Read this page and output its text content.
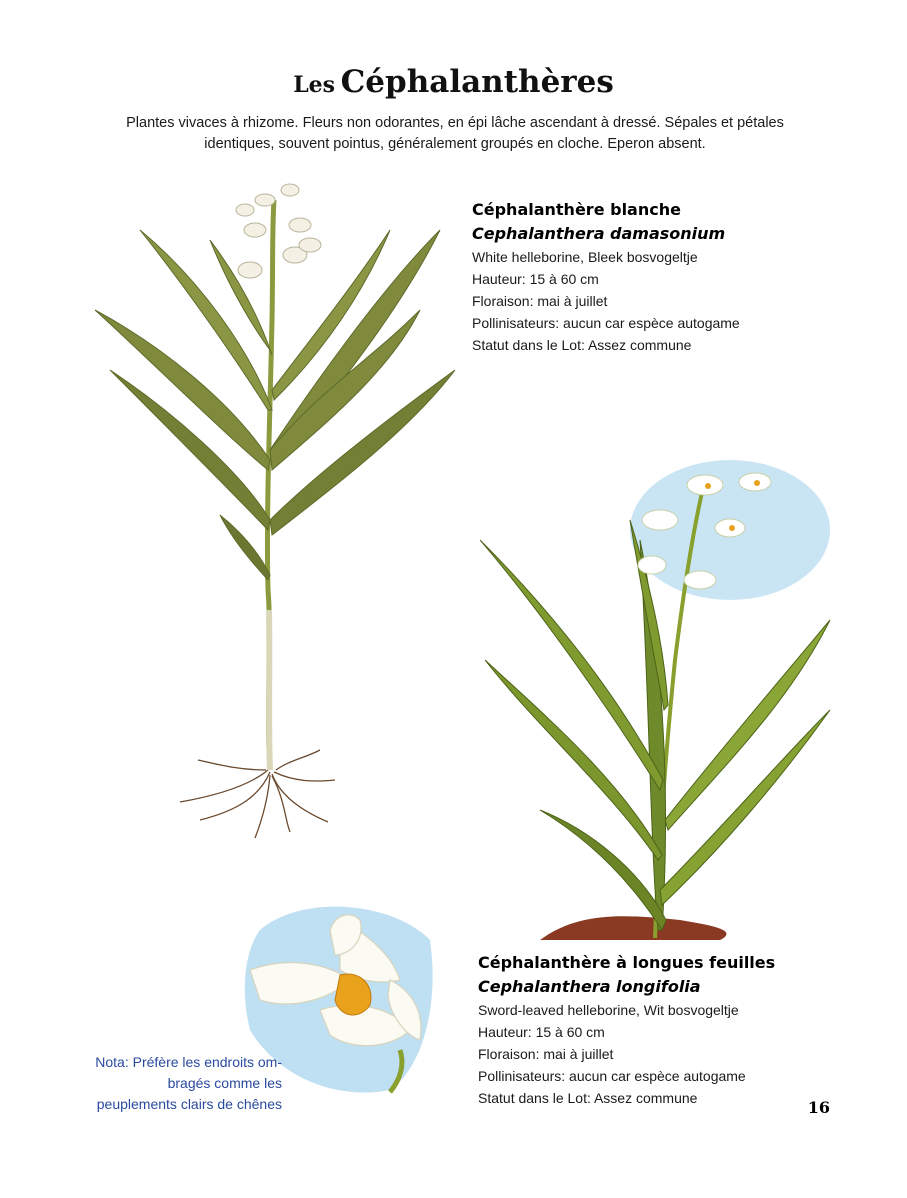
Les Céphalanthères
Plantes vivaces à rhizome. Fleurs non odorantes, en épi lâche ascendant à dressé. Sépales et pétales
identiques, souvent pointus, généralement groupés en cloche. Eperon absent.
Céphalanthère blanche
Cephalanthera damasonium
White helleborine, Bleek bosvogeltje
Hauteur: 15 à 60 cm
Floraison: mai à juillet
Pollinisateurs: aucun car espèce autogame
Statut dans le Lot: Assez commune
Céphalanthère à longues feuilles
Cephalanthera longifolia
Sword-leaved helleborine, Wit bosvogeltje
Hauteur: 15 à 60 cm
Floraison: mai à juillet
Pollinisateurs: aucun car espèce autogame
Statut dans le Lot: Assez commune
Nota: Préfère les endroits om-
bragés comme les
peuplements clairs de chênes	16
